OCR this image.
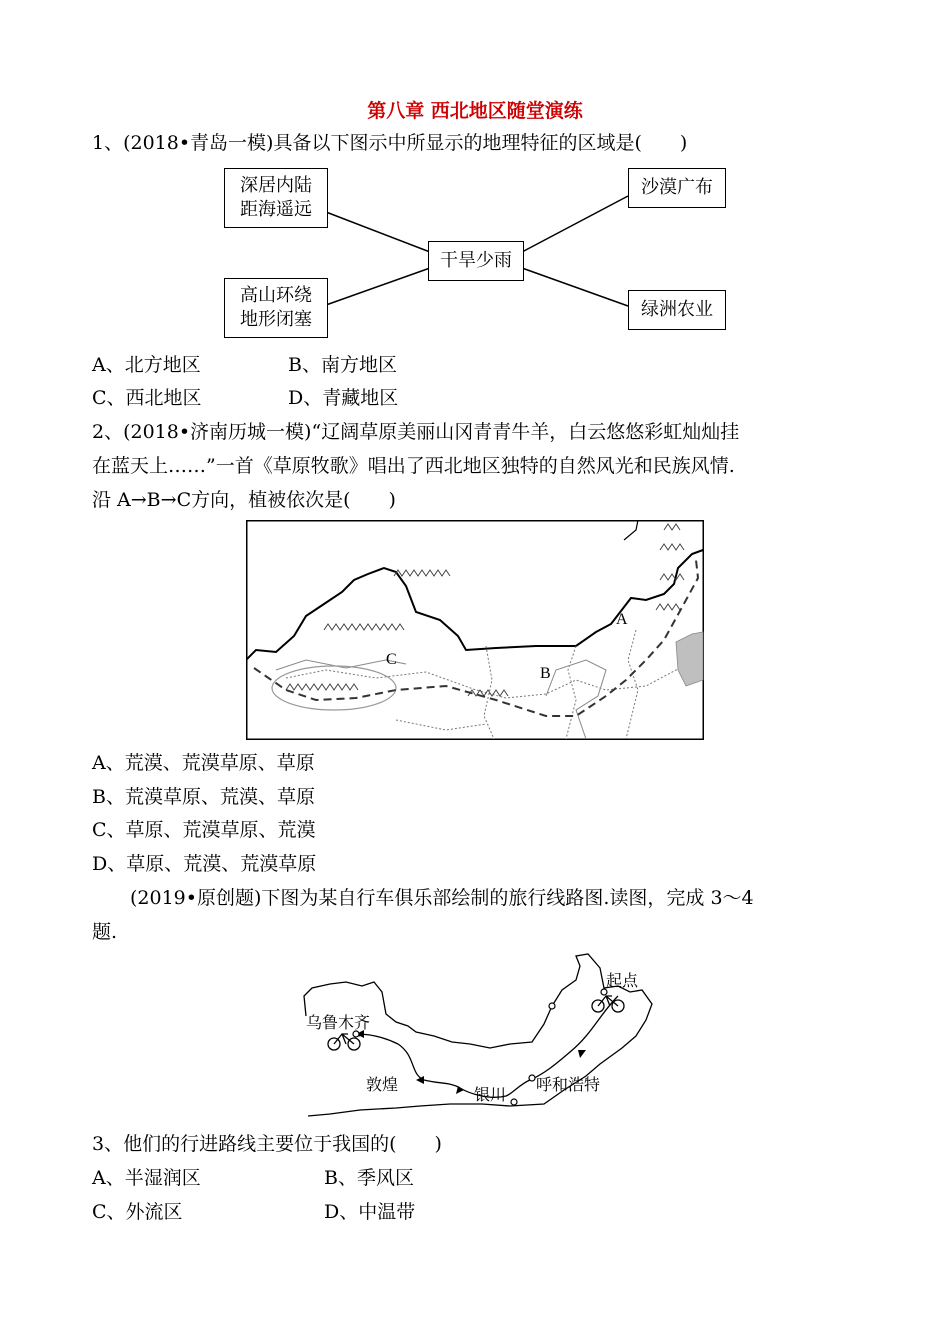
第八章 西北地区随堂演练
1、(2018•青岛一模)具备以下图示中所显示的地理特征的区域是(　　)
深居内陆
距海遥远
高山环绕
地形闭塞
干旱少雨
沙漠广布
绿洲农业
A、北方地区	B、南方地区
C、西北地区	D、青藏地区
2、(2018•济南历城一模)“辽阔草原美丽山冈青青牛羊，白云悠悠彩虹灿灿挂
在蓝天上……”一首《草原牧歌》唱出了西北地区独特的自然风光和民族风情.
沿 A→B→C方向，植被依次是(　　)
A
B
C
A、荒漠、荒漠草原、草原
B、荒漠草原、荒漠、草原
C、草原、荒漠草原、荒漠
D、草原、荒漠、荒漠草原
(2019•原创题)下图为某自行车俱乐部绘制的旅行线路图.读图，完成 3～4
题.
起点
乌鲁木齐
敦煌
银川
呼和浩特
3、他们的行进路线主要位于我国的(　　)
A、半湿润区	B、季风区
C、外流区	D、中温带
